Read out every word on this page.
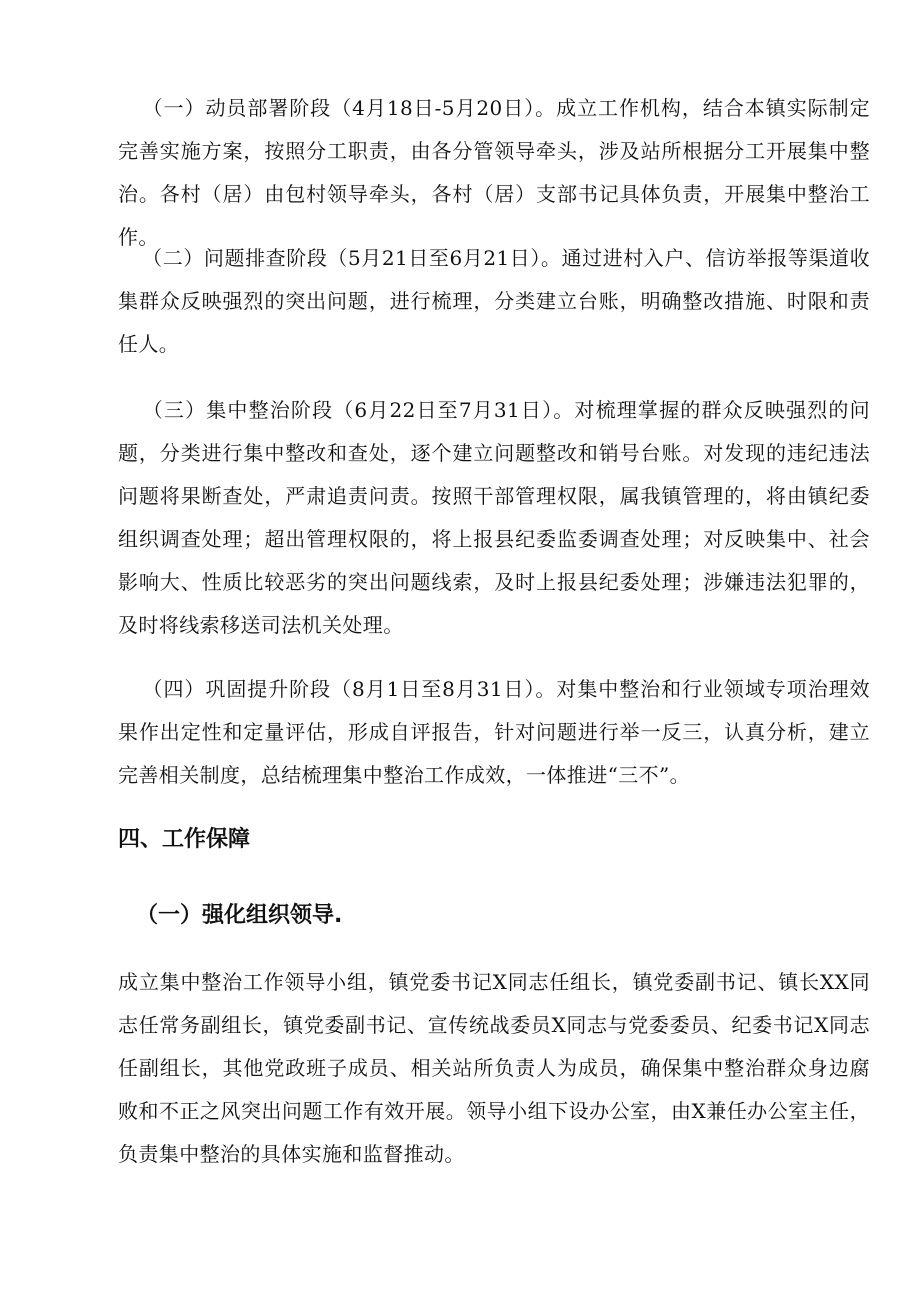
（一）动员部署阶段（4月18日-5月20日）。成立工作机构，结合本镇实际制定完善实施方案，按照分工职责，由各分管领导牵头，涉及站所根据分工开展集中整治。各村（居）由包村领导牵头，各村（居）支部书记具体负责，开展集中整治工作。

（二）问题排查阶段（5月21日至6月21日）。通过进村入户、信访举报等渠道收集群众反映强烈的突出问题，进行梳理，分类建立台账，明确整改措施、时限和责任人。

（三）集中整治阶段（6月22日至7月31日）。对梳理掌握的群众反映强烈的问题，分类进行集中整改和查处，逐个建立问题整改和销号台账。对发现的违纪违法问题将果断查处，严肃追责问责。按照干部管理权限，属我镇管理的，将由镇纪委组织调查处理；超出管理权限的，将上报县纪委监委调查处理；对反映集中、社会影响大、性质比较恶劣的突出问题线索，及时上报县纪委处理；涉嫌违法犯罪的，及时将线索移送司法机关处理。

（四）巩固提升阶段（8月1日至8月31日）。对集中整治和行业领域专项治理效果作出定性和定量评估，形成自评报告，针对问题进行举一反三，认真分析，建立完善相关制度，总结梳理集中整治工作成效，一体推进“三不”。

四、工作保障
（一）强化组织领导.

成立集中整治工作领导小组，镇党委书记X同志任组长，镇党委副书记、镇长XX同志任常务副组长，镇党委副书记、宣传统战委员X同志与党委委员、纪委书记X同志任副组长，其他党政班子成员、相关站所负责人为成员，确保集中整治群众身边腐败和不正之风突出问题工作有效开展。领导小组下设办公室，由X兼任办公室主任，负责集中整治的具体实施和监督推动。
